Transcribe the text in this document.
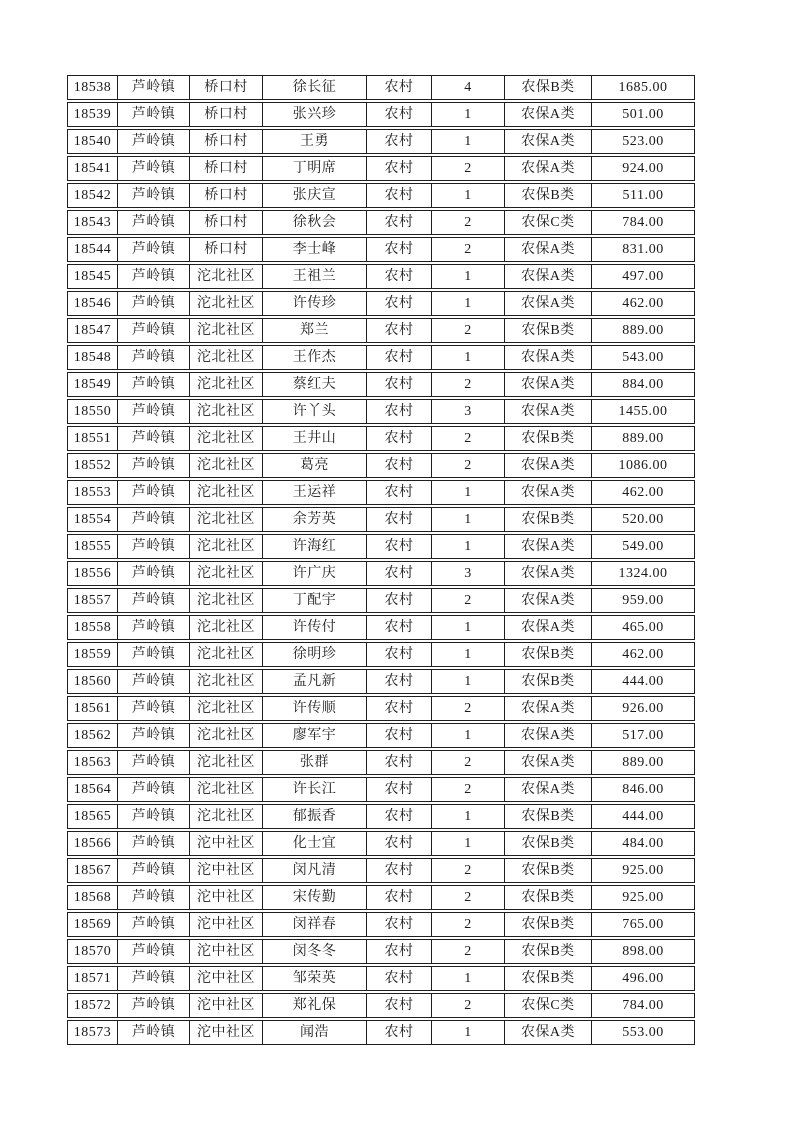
18538	芦岭镇	桥口村	徐长征	农村	4	农保B类	1685.00
18539	芦岭镇	桥口村	张兴珍	农村	1	农保A类	501.00
18540	芦岭镇	桥口村	王勇	农村	1	农保A类	523.00
18541	芦岭镇	桥口村	丁明席	农村	2	农保A类	924.00
18542	芦岭镇	桥口村	张庆宣	农村	1	农保B类	511.00
18543	芦岭镇	桥口村	徐秋会	农村	2	农保C类	784.00
18544	芦岭镇	桥口村	李士峰	农村	2	农保A类	831.00
18545	芦岭镇	沱北社区	王祖兰	农村	1	农保A类	497.00
18546	芦岭镇	沱北社区	许传珍	农村	1	农保A类	462.00
18547	芦岭镇	沱北社区	郑兰	农村	2	农保B类	889.00
18548	芦岭镇	沱北社区	王作杰	农村	1	农保A类	543.00
18549	芦岭镇	沱北社区	蔡红夫	农村	2	农保A类	884.00
18550	芦岭镇	沱北社区	许丫头	农村	3	农保A类	1455.00
18551	芦岭镇	沱北社区	王井山	农村	2	农保B类	889.00
18552	芦岭镇	沱北社区	葛亮	农村	2	农保A类	1086.00
18553	芦岭镇	沱北社区	王运祥	农村	1	农保A类	462.00
18554	芦岭镇	沱北社区	余芳英	农村	1	农保B类	520.00
18555	芦岭镇	沱北社区	许海红	农村	1	农保A类	549.00
18556	芦岭镇	沱北社区	许广庆	农村	3	农保A类	1324.00
18557	芦岭镇	沱北社区	丁配宇	农村	2	农保A类	959.00
18558	芦岭镇	沱北社区	许传付	农村	1	农保A类	465.00
18559	芦岭镇	沱北社区	徐明珍	农村	1	农保B类	462.00
18560	芦岭镇	沱北社区	孟凡新	农村	1	农保B类	444.00
18561	芦岭镇	沱北社区	许传顺	农村	2	农保A类	926.00
18562	芦岭镇	沱北社区	廖军宇	农村	1	农保A类	517.00
18563	芦岭镇	沱北社区	张群	农村	2	农保A类	889.00
18564	芦岭镇	沱北社区	许长江	农村	2	农保A类	846.00
18565	芦岭镇	沱北社区	郁振香	农村	1	农保B类	444.00
18566	芦岭镇	沱中社区	化士宜	农村	1	农保B类	484.00
18567	芦岭镇	沱中社区	闵凡清	农村	2	农保B类	925.00
18568	芦岭镇	沱中社区	宋传勤	农村	2	农保B类	925.00
18569	芦岭镇	沱中社区	闵祥春	农村	2	农保B类	765.00
18570	芦岭镇	沱中社区	闵冬冬	农村	2	农保B类	898.00
18571	芦岭镇	沱中社区	邹荣英	农村	1	农保B类	496.00
18572	芦岭镇	沱中社区	郑礼保	农村	2	农保C类	784.00
18573	芦岭镇	沱中社区	闻浩	农村	1	农保A类	553.00
